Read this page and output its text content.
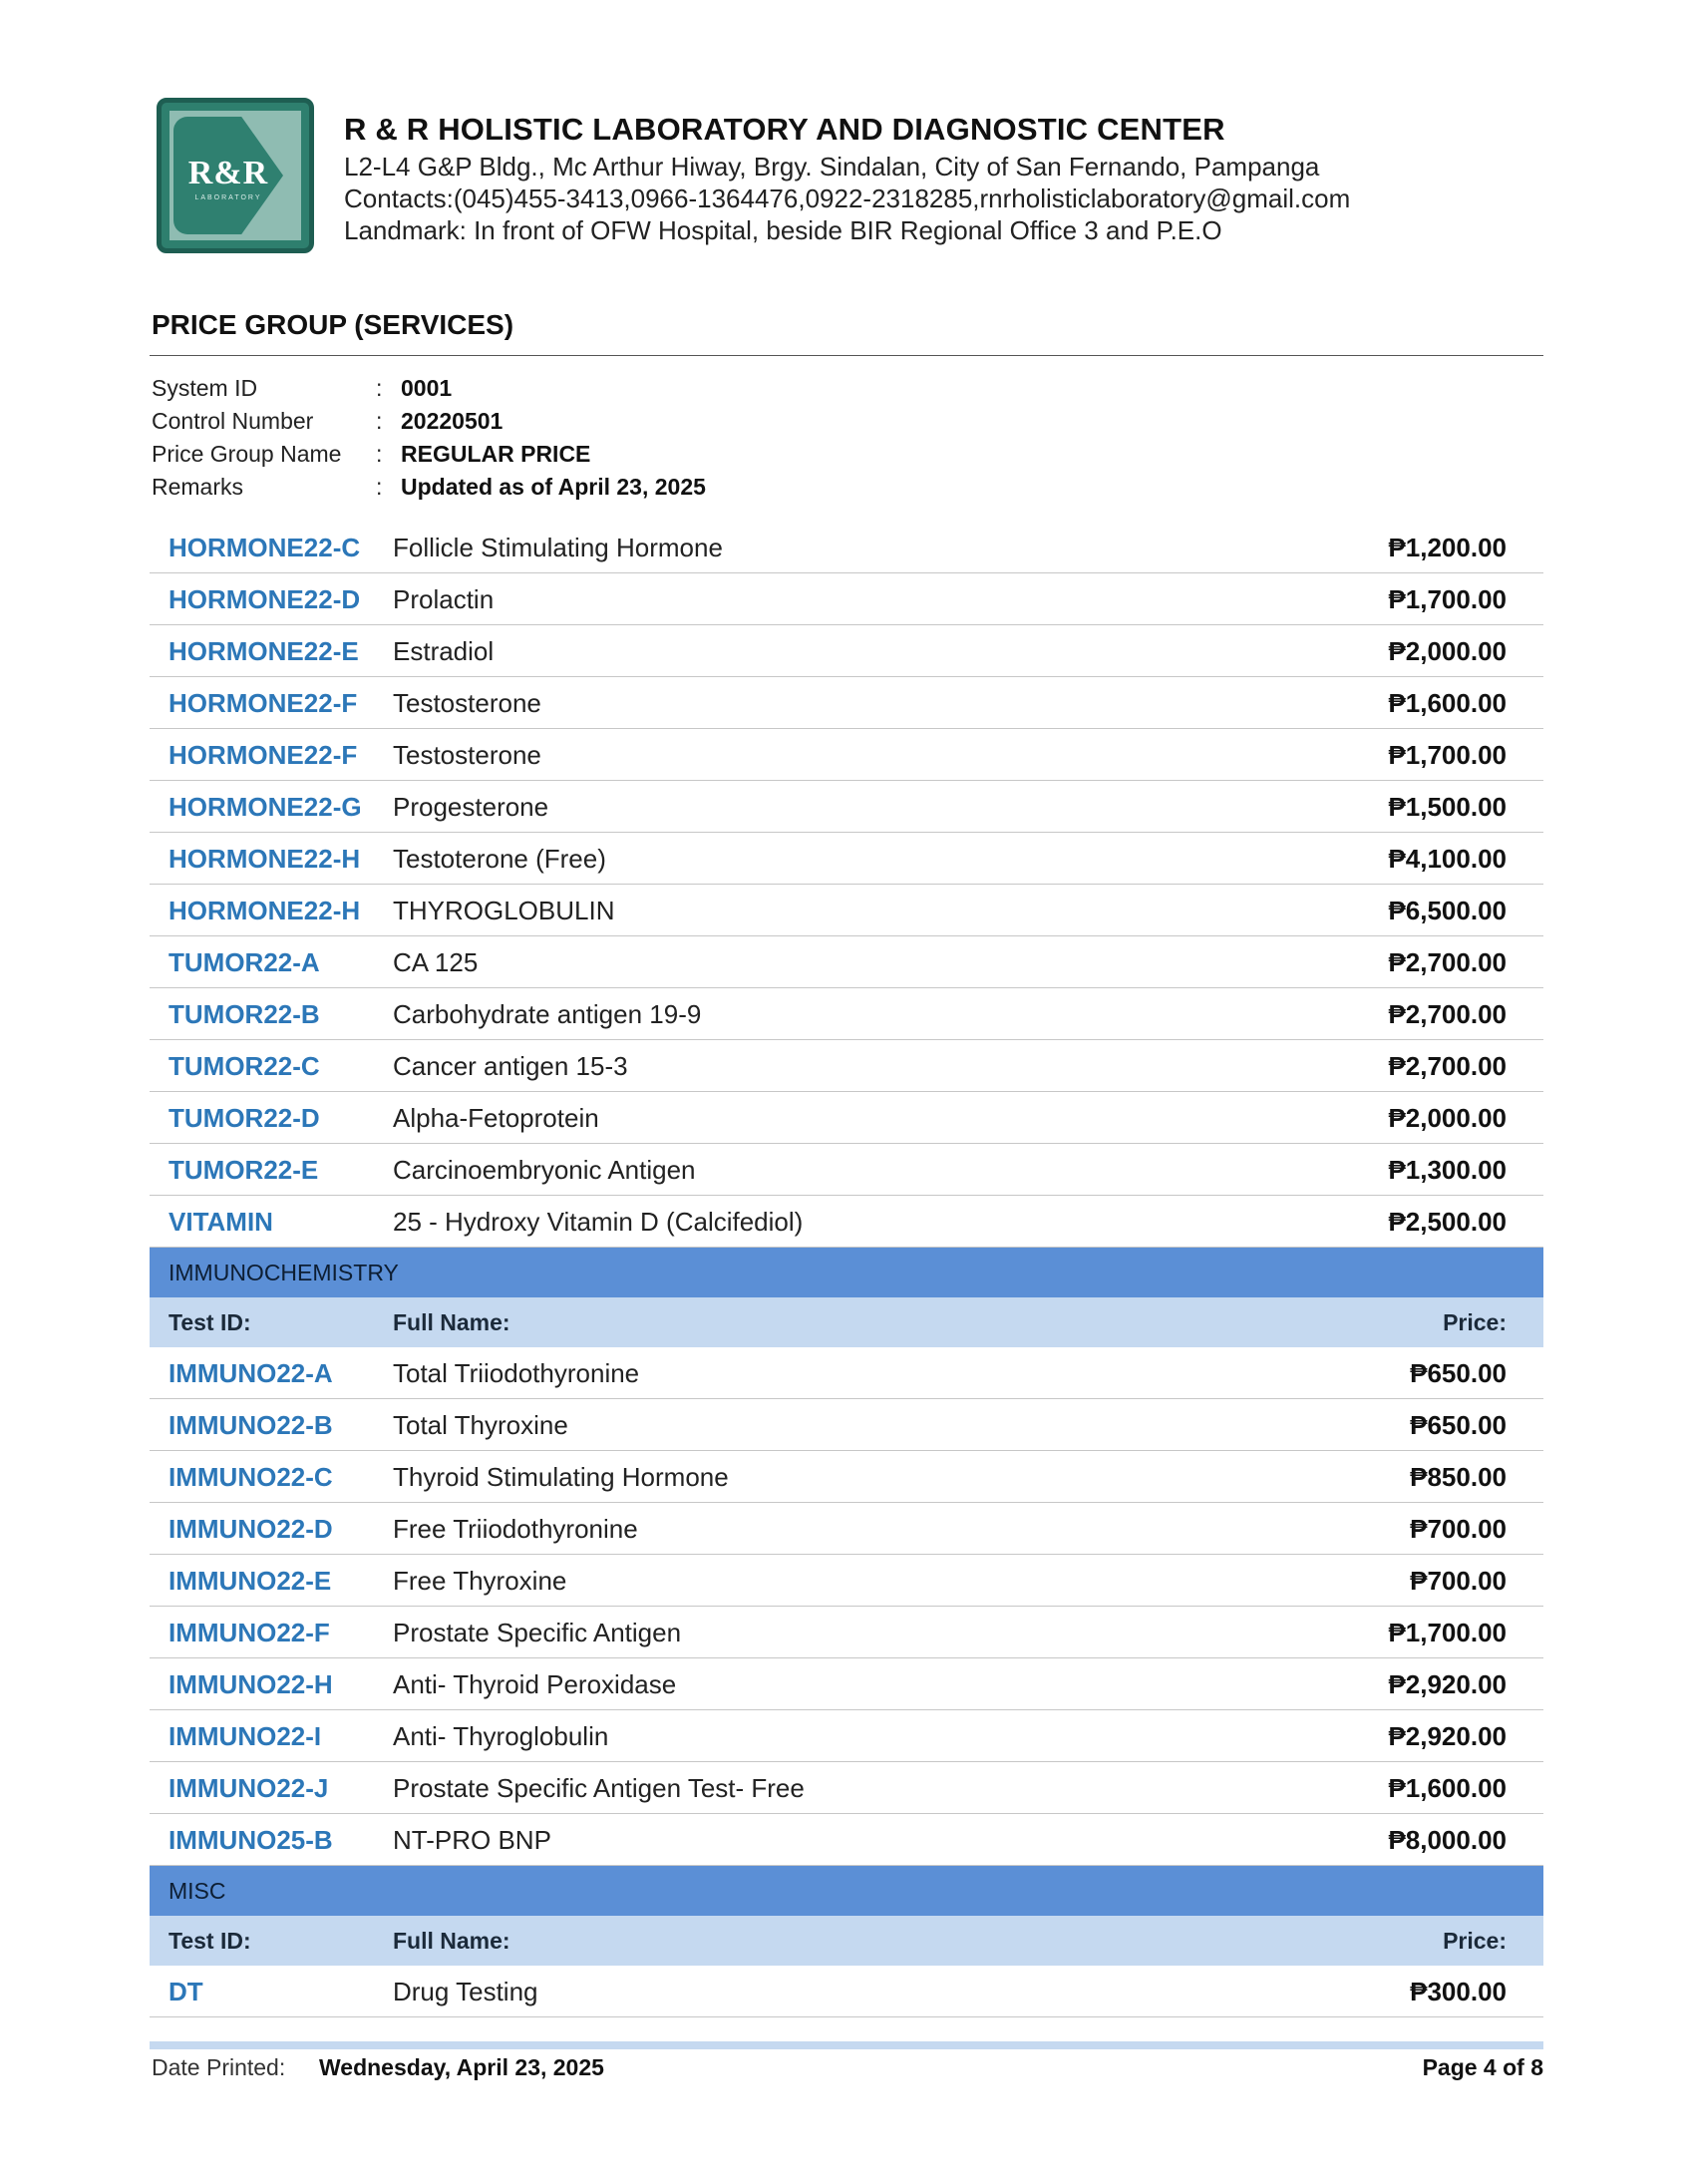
R&R
LABORATORY
R & R HOLISTIC LABORATORY AND DIAGNOSTIC CENTER
L2-L4 G&P Bldg., Mc Arthur Hiway, Brgy. Sindalan, City of San Fernando, Pampanga
Contacts:(045)455-3413,0966-1364476,0922-2318285,rnrholisticlaboratory@gmail.com
Landmark: In front of OFW Hospital, beside BIR Regional Office 3 and P.E.O
PRICE GROUP (SERVICES)
System ID	: 0001
Control Number	: 20220501
Price Group Name : REGULAR PRICE
Remarks	: Updated as of April 23, 2025
HORMONE22-C Follicle Stimulating Hormone	₱1,200.00
HORMONE22-D Prolactin	₱1,700.00
HORMONE22-E Estradiol	₱2,000.00
HORMONE22-F Testosterone	₱1,600.00
HORMONE22-F Testosterone	₱1,700.00
HORMONE22-G Progesterone	₱1,500.00
HORMONE22-H Testoterone (Free)	₱4,100.00
HORMONE22-H THYROGLOBULIN	₱6,500.00
TUMOR22-A	CA 125	₱2,700.00
TUMOR22-B	Carbohydrate antigen 19-9	₱2,700.00
TUMOR22-C	Cancer antigen 15-3	₱2,700.00
TUMOR22-D	Alpha-Fetoprotein	₱2,000.00
TUMOR22-E	Carcinoembryonic Antigen	₱1,300.00
VITAMIN	25 - Hydroxy Vitamin D (Calcifediol)	₱2,500.00
IMMUNOCHEMISTRY
Test ID:	Full Name:	Price:
IMMUNO22-A Total Triiodothyronine	₱650.00
IMMUNO22-B Total Thyroxine	₱650.00
IMMUNO22-C Thyroid Stimulating Hormone	₱850.00
IMMUNO22-D Free Triiodothyronine	₱700.00
IMMUNO22-E Free Thyroxine	₱700.00
IMMUNO22-F Prostate Specific Antigen	₱1,700.00
IMMUNO22-H Anti- Thyroid Peroxidase	₱2,920.00
IMMUNO22-I	Anti- Thyroglobulin	₱2,920.00
IMMUNO22-J Prostate Specific Antigen Test- Free	₱1,600.00
IMMUNO25-B NT-PRO BNP	₱8,000.00
MISC
Test ID:	Full Name:	Price:
DT	Drug Testing	₱300.00
Date Printed: Wednesday, April 23, 2025	Page 4 of 8
